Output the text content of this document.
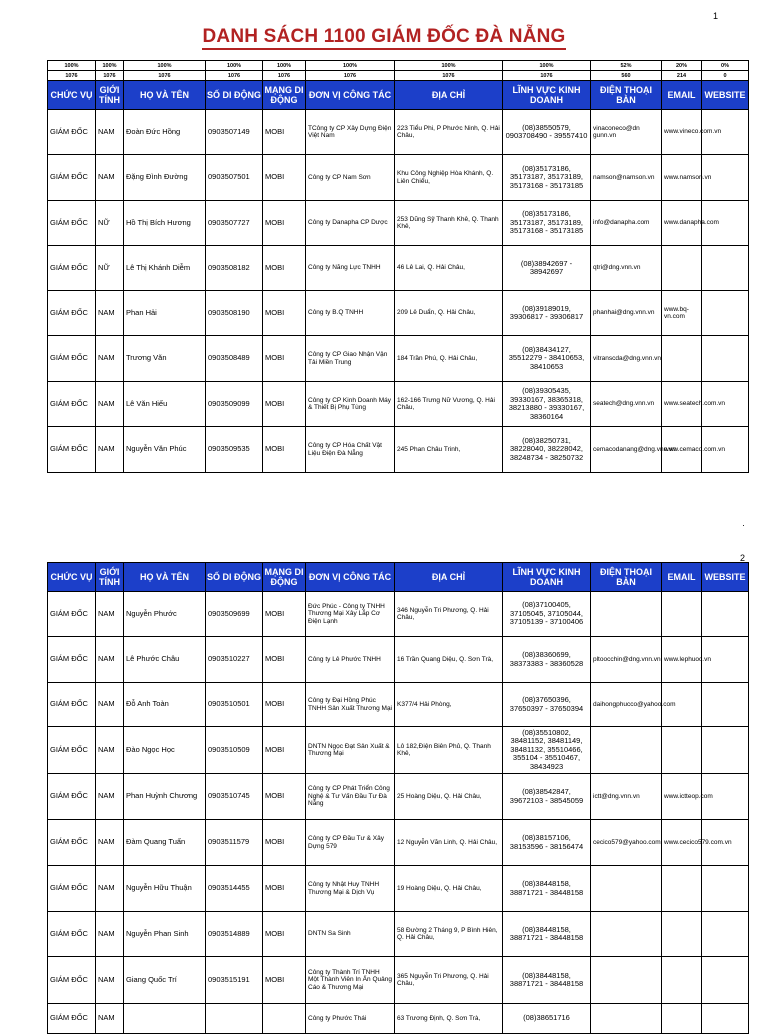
1
DANH SÁCH 1100 GIÁM ĐỐC ĐÀ NẴNG
100%	100%	100%	100%	100%	100%	100%	100%	52%	20%	0%
1076	1076	1076	1076	1076	1076	1076	1076	560	214	0
CHỨC VỤ	GIỚI TÍNH	HỌ VÀ TÊN	SỐ DI ĐỘNG	MẠNG DI ĐỘNG	ĐƠN VỊ CÔNG TÁC	ĐỊA CHỈ	LĨNH VỰC KINH DOANH	ĐIỆN THOẠI BÀN	EMAIL	WEBSITE
GIÁM ĐỐC	NAM	Đoàn Đức Hồng	0903507149	MOBI	TCông ty CP Xây Dựng Điện Việt Nam	223 Tiểu Phi, P Phước Ninh, Q. Hải Châu,	(08)38550579, 0903708490 - 39557410	vinaconeco@dn gunn.vn	www.vineco.com.vn	
GIÁM ĐỐC	NAM	Đặng Đình Đường	0903507501	MOBI	Công ty CP Nam Sơn	Khu Công Nghiệp Hòa Khánh, Q. Liên Chiểu,	(08)35173186, 35173187, 35173189, 35173168 - 35173185	namson@namson.vn	www.namson.vn	
GIÁM ĐỐC	NỮ	Hồ Thị Bích Hương	0903507727	MOBI	Công ty Danapha CP Dược	253 Dũng Sỹ Thanh Khê, Q. Thanh Khê,	(08)35173186, 35173187, 35173189, 35173168 - 35173185	info@danapha.com	www.danapha.com	
GIÁM ĐỐC	NỮ	Lê Thị Khánh Diễm	0903508182	MOBI	Công ty Năng Lực TNHH	46 Lê Lai, Q. Hải Châu,	(08)38942697 - 38942697	qtri@dng.vnn.vn		
GIÁM ĐỐC	NAM	Phan Hải	0903508190	MOBI	Công ty B.Q TNHH	209 Lê Duẩn, Q. Hải Châu,	(08)39189019, 39306817 - 39306817	phanhai@dng.vnn.vn	www.bq-vn.com	
GIÁM ĐỐC	NAM	Trương Văn	0903508489	MOBI	Công ty CP Giao Nhận Vận Tải Miền Trung	184 Trần Phú, Q. Hải Châu,	(08)38434127, 35512279 - 38410653, 38410653	vitranscda@dng.vnn.vn		
GIÁM ĐỐC	NAM	Lê Văn Hiếu	0903509099	MOBI	Công ty CP Kinh Doanh Máy & Thiết Bị Phụ Tùng	162-166 Trưng Nữ Vương, Q. Hải Châu,	(08)39305435, 39330167, 38365318, 38213880 - 39330167, 38360164	seatech@dng.vnn.vn	www.seatech.com.vn	
GIÁM ĐỐC	NAM	Nguyễn Văn Phúc	0903509535	MOBI	Công ty CP Hóa Chất Vật Liệu Điện Đà Nẵng	245 Phan Châu Trinh,	(08)38250731, 38228040, 38228042, 38248734 - 38250732	cemacodanang@dng.vnn.vn	www.cemaco.com.vn	
·
2
CHỨC VỤ	GIỚI TÍNH	HỌ VÀ TÊN	SỐ DI ĐỘNG	MẠNG DI ĐỘNG	ĐƠN VỊ CÔNG TÁC	ĐỊA CHỈ	LĨNH VỰC KINH DOANH	ĐIỆN THOẠI BÀN	EMAIL	WEBSITE
GIÁM ĐỐC	NAM	Nguyễn Phước	0903509699	MOBI	Đức Phúc - Công ty TNHH Thương Mại Xây Lắp Cơ Điện Lạnh	346 Nguyễn Tri Phương, Q. Hải Châu,	(08)37100405, 37105045, 37105044, 37105139 - 37100406			
GIÁM ĐỐC	NAM	Lê Phước Châu	0903510227	MOBI	Công ty Lê Phước TNHH	16 Trần Quang Diệu, Q. Sơn Trà,	(08)38360699, 38373383 - 38360528	pltoocchin@dng.vnn.vn	www.lephuoc.vn	
GIÁM ĐỐC	NAM	Đỗ Anh Toàn	0903510501	MOBI	Công ty Đại Hồng Phúc TNHH Sản Xuất Thương Mại	K377/4 Hải Phòng,	(08)37650396, 37650397 - 37650394	daihongphucco@yahoo.com		
GIÁM ĐỐC	NAM	Đào Ngọc Học	0903510509	MOBI	DNTN Ngọc Đạt Sản Xuất & Thương Mại	Lô 182,Điện Biên Phủ, Q. Thanh Khê,	(08)35510802, 38481152, 38481149, 38481132, 35510466, 355104 - 35510467, 38434923			
GIÁM ĐỐC	NAM	Phan Huỳnh Chương	0903510745	MOBI	Công ty CP Phát Triển Công Nghệ & Tư Vấn Đầu Tư Đà Nẵng	25 Hoàng Diệu, Q. Hải Châu,	(08)38542847, 39672103 - 38545059	ictt@dng.vnn.vn	www.ictteop.com	
GIÁM ĐỐC	NAM	Đàm Quang Tuấn	0903511579	MOBI	Công ty CP Đầu Tư & Xây Dựng 579	12 Nguyễn Văn Linh, Q. Hải Châu,	(08)38157106, 38153596 - 38156474	cecico579@yahoo.com	www.cecico579.com.vn	
GIÁM ĐỐC	NAM	Nguyễn Hữu Thuận	0903514455	MOBI	Công ty Nhật Huy TNHH Thương Mại & Dịch Vụ	19 Hoàng Diệu, Q. Hải Châu,	(08)38448158, 38871721 - 38448158			
GIÁM ĐỐC	NAM	Nguyễn Phan Sinh	0903514889	MOBI	DNTN Sa Sinh	58 Đường 2 Tháng 9, P Bình Hiên, Q. Hải Châu,	(08)38448158, 38871721 - 38448158			
GIÁM ĐỐC	NAM	Giang Quốc Trí	0903515191	MOBI	Công ty Thành Trí TNHH Một Thành Viên In Ấn Quảng Cáo & Thương Mại	365 Nguyễn Tri Phương, Q. Hải Châu,	(08)38448158, 38871721 - 38448158			
GIÁM ĐỐC	NAM				Công ty Phước Thái	63 Trương Định, Q. Sơn Trà,	(08)38651716			
